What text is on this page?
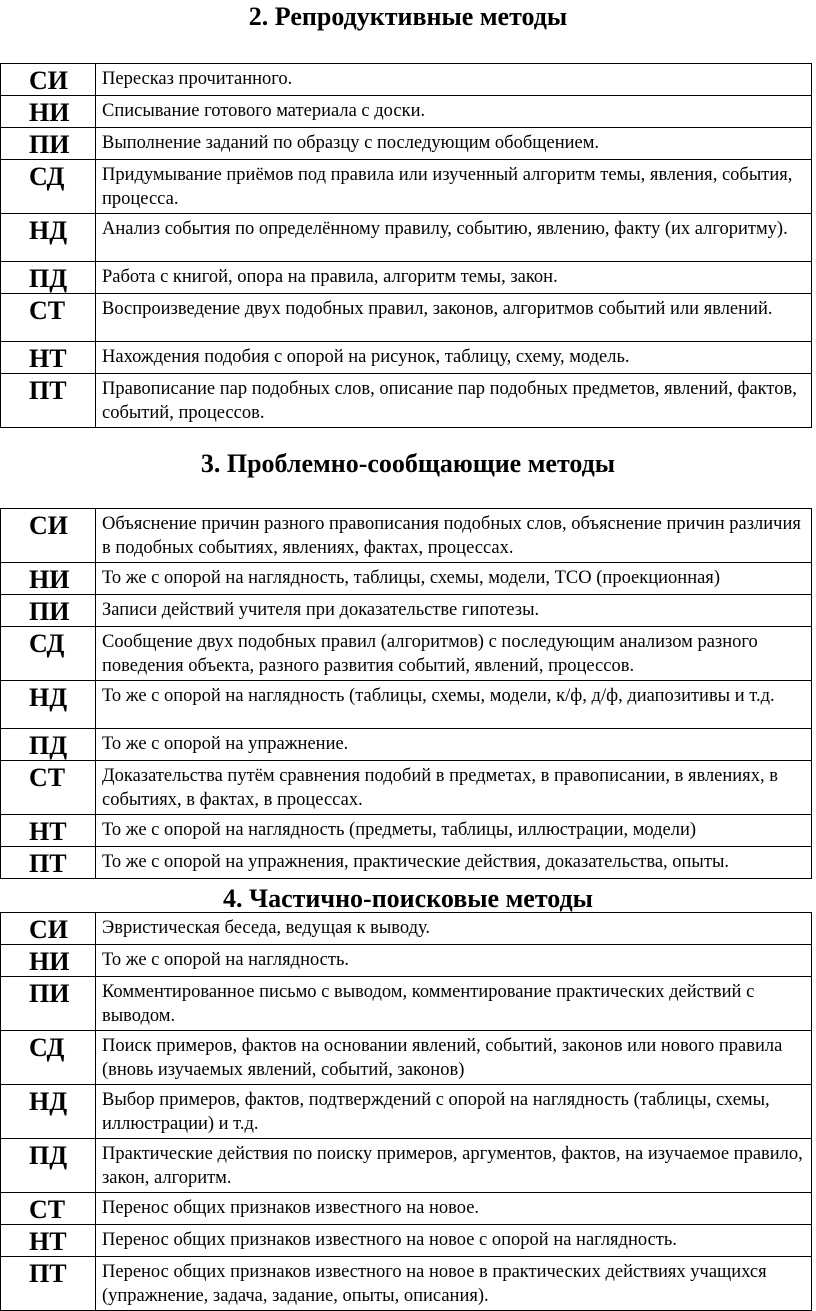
2. Репродуктивные методы
СИ	Пересказ прочитанного.
НИ	Списывание готового материала с доски.
ПИ	Выполнение заданий по образцу с последующим обобщением.
СД	Придумывание приёмов под правила или изученный алгоритм темы, явления, события, процесса.
НД	Анализ события по определённому правилу, событию, явлению, факту (их алгоритму).
ПД	Работа с книгой, опора на правила, алгоритм темы, закон.
СТ	Воспроизведение двух подобных правил, законов, алгоритмов событий или явлений.
НТ	Нахождения подобия с опорой на рисунок, таблицу, схему, модель.
ПТ	Правописание пар подобных слов, описание пар подобных предметов, явлений, фактов, событий, процессов.
3. Проблемно-сообщающие методы
СИ	Объяснение причин разного правописания подобных слов, объяснение причин различия в подобных событиях, явлениях, фактах, процессах.
НИ	То же с опорой на наглядность, таблицы, схемы, модели, ТСО (проекционная)
ПИ	Записи действий учителя при доказательстве гипотезы.
СД	Сообщение двух подобных правил (алгоритмов) с последующим анализом разного поведения объекта, разного развития событий, явлений, процессов.
НД	То же с опорой на наглядность (таблицы, схемы, модели, к/ф, д/ф, диапозитивы и т.д.
ПД	То же с опорой на упражнение.
СТ	Доказательства путём сравнения подобий в предметах, в правописании, в явлениях, в событиях, в фактах, в процессах.
НТ	То же с опорой на наглядность (предметы, таблицы, иллюстрации, модели)
ПТ	То же с опорой на упражнения, практические действия, доказательства, опыты.
4. Частично-поисковые методы
СИ	Эвристическая беседа, ведущая к выводу.
НИ	То же с опорой на наглядность.
ПИ	Комментированное письмо с выводом, комментирование практических действий с выводом.
СД	Поиск примеров, фактов на основании явлений, событий, законов или нового правила (вновь изучаемых явлений, событий, законов)
НД	Выбор примеров, фактов, подтверждений с опорой на наглядность (таблицы, схемы, иллюстрации) и т.д.
ПД	Практические действия по поиску примеров, аргументов, фактов, на изучаемое правило, закон, алгоритм.
СТ	Перенос общих признаков известного на новое.
НТ	Перенос общих признаков известного на новое с опорой на наглядность.
ПТ	Перенос общих признаков известного на новое в практических действиях учащихся (упражнение, задача, задание, опыты, описания).
